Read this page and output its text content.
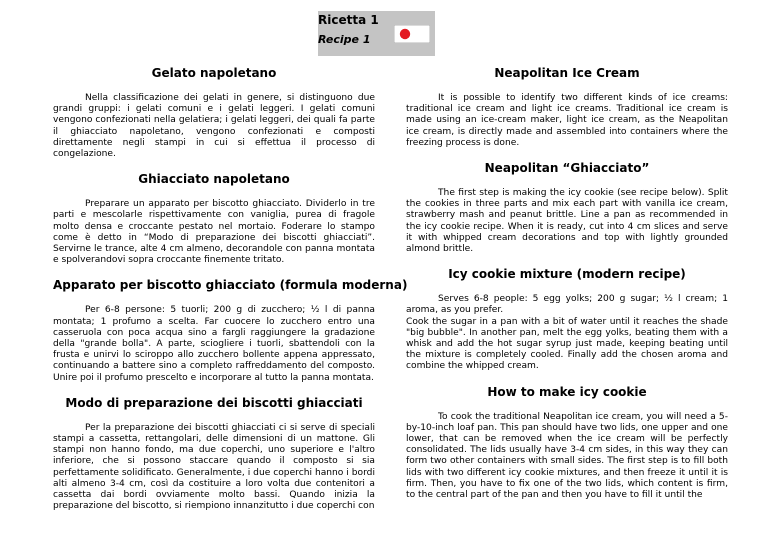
Ricetta 1
Recipe 1
Gelato napoletano
Nella classificazione dei gelati in genere, si distinguono due grandi gruppi: i gelati comuni e i gelati leggeri. I gelati comuni vengono confezionati nella gelatiera; i gelati leggeri, dei quali fa parte il ghiacciato napoletano, vengono confezionati e composti direttamente negli stampi in cui si effettua il processo di congelazione.
Ghiacciato napoletano
Preparare un apparato per biscotto ghiacciato. Dividerlo in tre parti e mescolarle rispettivamente con vaniglia, purea di fragole molto densa e croccante pestato nel mortaio. Foderare lo stampo come è detto in “Modo di preparazione dei biscotti ghiacciati”. Servirne le trance, alte 4 cm almeno, decorandole con panna montata e spolverandovi sopra croccante finemente tritato.
Apparato per biscotto ghiacciato (formula moderna)
Per 6-8 persone: 5 tuorli; 200 g di zucchero; ½ l di panna montata; 1 profumo a scelta. Far cuocere lo zucchero entro una casseruola con poca acqua sino a fargli raggiungere la gradazione della "grande bolla". A parte, sciogliere i tuorli, sbattendoli con la frusta e unirvi lo sciroppo allo zucchero bollente appena appressato, continuando a battere sino a completo raffreddamento del composto. Unire poi il profumo prescelto e incorporare al tutto la panna montata.
Modo di preparazione dei biscotti ghiacciati
Per la preparazione dei biscotti ghiacciati ci si serve di speciali stampi a cassetta, rettangolari, delle dimensioni di un mattone. Gli stampi non hanno fondo, ma due coperchi, uno superiore e l'altro inferiore, che si possono staccare quando il composto si sia perfettamente solidificato. Generalmente, i due coperchi hanno i bordi alti almeno 3-4 cm, così da costituire a loro volta due contenitori a cassetta dai bordi ovviamente molto bassi. Quando inizia la preparazione del biscotto, si riempiono innanzitutto i due coperchi con
Neapolitan Ice Cream
It is possible to identify two different kinds of ice creams: traditional ice cream and light ice creams. Traditional ice cream is made using an ice-cream maker, light ice cream, as the Neapolitan ice cream, is directly made and assembled into containers where the freezing process is done.
Neapolitan “Ghiacciato”
The first step is making the icy cookie (see recipe below). Split the cookies in three parts and mix each part with vanilla ice cream, strawberry mash and peanut brittle. Line a pan as recommended in the icy cookie recipe. When it is ready, cut into 4 cm slices and serve it with whipped cream decorations and top with lightly grounded almond brittle.
Icy cookie mixture (modern recipe)
Serves 6-8 people: 5 egg yolks; 200 g sugar; ½ l cream; 1 aroma, as you prefer.
Cook the sugar in a pan with a bit of water until it reaches the shade "big bubble". In another pan, melt the egg yolks, beating them with a whisk and add the hot sugar syrup just made, keeping beating until the mixture is completely cooled. Finally add the chosen aroma and combine the whipped cream.
How to make icy cookie
To cook the traditional Neapolitan ice cream, you will need a 5-by-10-inch loaf pan. This pan should have two lids, one upper and one lower, that can be removed when the ice cream will be perfectly consolidated. The lids usually have 3-4 cm sides, in this way they can form two other containers with small sides. The first step is to fill both lids with two different icy cookie mixtures, and then freeze it until it is firm. Then, you have to fix one of the two lids, which content is firm, to the central part of the pan and then you have to fill it until the
